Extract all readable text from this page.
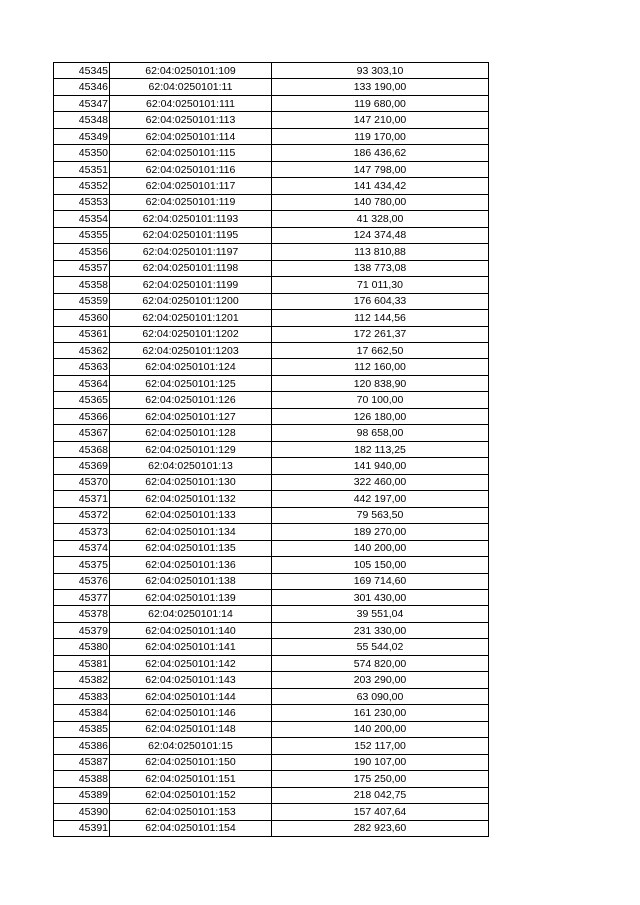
45345	62:04:0250101:109	93 303,10
45346	62:04:0250101:11	133 190,00
45347	62:04:0250101:111	119 680,00
45348	62:04:0250101:113	147 210,00
45349	62:04:0250101:114	119 170,00
45350	62:04:0250101:115	186 436,62
45351	62:04:0250101:116	147 798,00
45352	62:04:0250101:117	141 434,42
45353	62:04:0250101:119	140 780,00
45354	62:04:0250101:1193	41 328,00
45355	62:04:0250101:1195	124 374,48
45356	62:04:0250101:1197	113 810,88
45357	62:04:0250101:1198	138 773,08
45358	62:04:0250101:1199	71 011,30
45359	62:04:0250101:1200	176 604,33
45360	62:04:0250101:1201	112 144,56
45361	62:04:0250101:1202	172 261,37
45362	62:04:0250101:1203	17 662,50
45363	62:04:0250101:124	112 160,00
45364	62:04:0250101:125	120 838,90
45365	62:04:0250101:126	70 100,00
45366	62:04:0250101:127	126 180,00
45367	62:04:0250101:128	98 658,00
45368	62:04:0250101:129	182 113,25
45369	62:04:0250101:13	141 940,00
45370	62:04:0250101:130	322 460,00
45371	62:04:0250101:132	442 197,00
45372	62:04:0250101:133	79 563,50
45373	62:04:0250101:134	189 270,00
45374	62:04:0250101:135	140 200,00
45375	62:04:0250101:136	105 150,00
45376	62:04:0250101:138	169 714,60
45377	62:04:0250101:139	301 430,00
45378	62:04:0250101:14	39 551,04
45379	62:04:0250101:140	231 330,00
45380	62:04:0250101:141	55 544,02
45381	62:04:0250101:142	574 820,00
45382	62:04:0250101:143	203 290,00
45383	62:04:0250101:144	63 090,00
45384	62:04:0250101:146	161 230,00
45385	62:04:0250101:148	140 200,00
45386	62:04:0250101:15	152 117,00
45387	62:04:0250101:150	190 107,00
45388	62:04:0250101:151	175 250,00
45389	62:04:0250101:152	218 042,75
45390	62:04:0250101:153	157 407,64
45391	62:04:0250101:154	282 923,60
